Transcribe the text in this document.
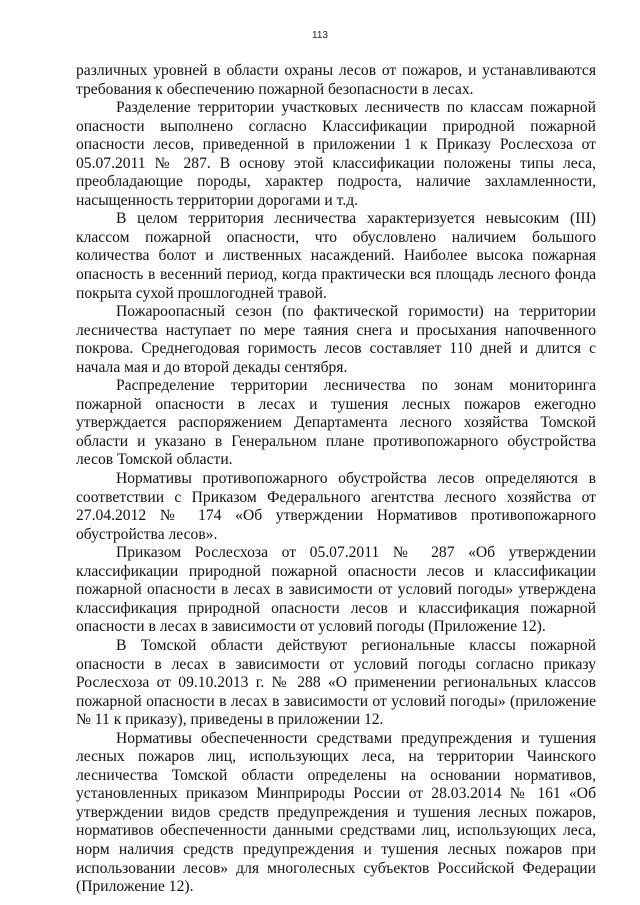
113

различных уровней в области охраны лесов от пожаров, и устанавливаются требования к обеспечению пожарной безопасности в лесах.

Разделение территории участковых лесничеств по классам пожарной опасности выполнено согласно Классификации природной пожарной опасности лесов, приведенной в приложении 1 к Приказу Рослесхоза от 05.07.2011 № 287. В основу этой классификации положены типы леса, преобладающие породы, характер подроста, наличие захламленности, насыщенность территории дорогами и т.д.

В целом территория лесничества характеризуется невысоким (III) классом пожарной опасности, что обусловлено наличием большого количества болот и лиственных насаждений. Наиболее высока пожарная опасность в весенний период, когда практически вся площадь лесного фонда покрыта сухой прошлогодней травой.

Пожароопасный сезон (по фактической горимости) на территории лесничества наступает по мере таяния снега и просыхания напочвенного покрова. Среднегодовая горимость лесов составляет 110 дней и длится с начала мая и до второй декады сентября.

Распределение территории лесничества по зонам мониторинга пожарной опасности в лесах и тушения лесных пожаров ежегодно утверждается распоряжением Департамента лесного хозяйства Томской области и указано в Генеральном плане противопожарного обустройства лесов Томской области.

Нормативы противопожарного обустройства лесов определяются в соответствии с Приказом Федерального агентства лесного хозяйства от 27.04.2012 № 174 «Об утверждении Нормативов противопожарного обустройства лесов».

Приказом Рослесхоза от 05.07.2011 № 287 «Об утверждении классификации природной пожарной опасности лесов и классификации пожарной опасности в лесах в зависимости от условий погоды» утверждена классификация природной опасности лесов и классификация пожарной опасности в лесах в зависимости от условий погоды (Приложение 12).

В Томской области действуют региональные классы пожарной опасности в лесах в зависимости от условий погоды согласно приказу Рослесхоза от 09.10.2013 г. № 288 «О применении региональных классов пожарной опасности в лесах в зависимости от условий погоды» (приложение № 11 к приказу), приведены в приложении 12.

Нормативы обеспеченности средствами предупреждения и тушения лесных пожаров лиц, использующих леса, на территории Чаинского лесничества Томской области определены на основании нормативов, установленных приказом Минприроды России от 28.03.2014 № 161 «Об утверждении видов средств предупреждения и тушения лесных пожаров, нормативов обеспеченности данными средствами лиц, использующих леса, норм наличия средств предупреждения и тушения лесных пожаров при использовании лесов» для многолесных субъектов Российской Федерации (Приложение 12).
